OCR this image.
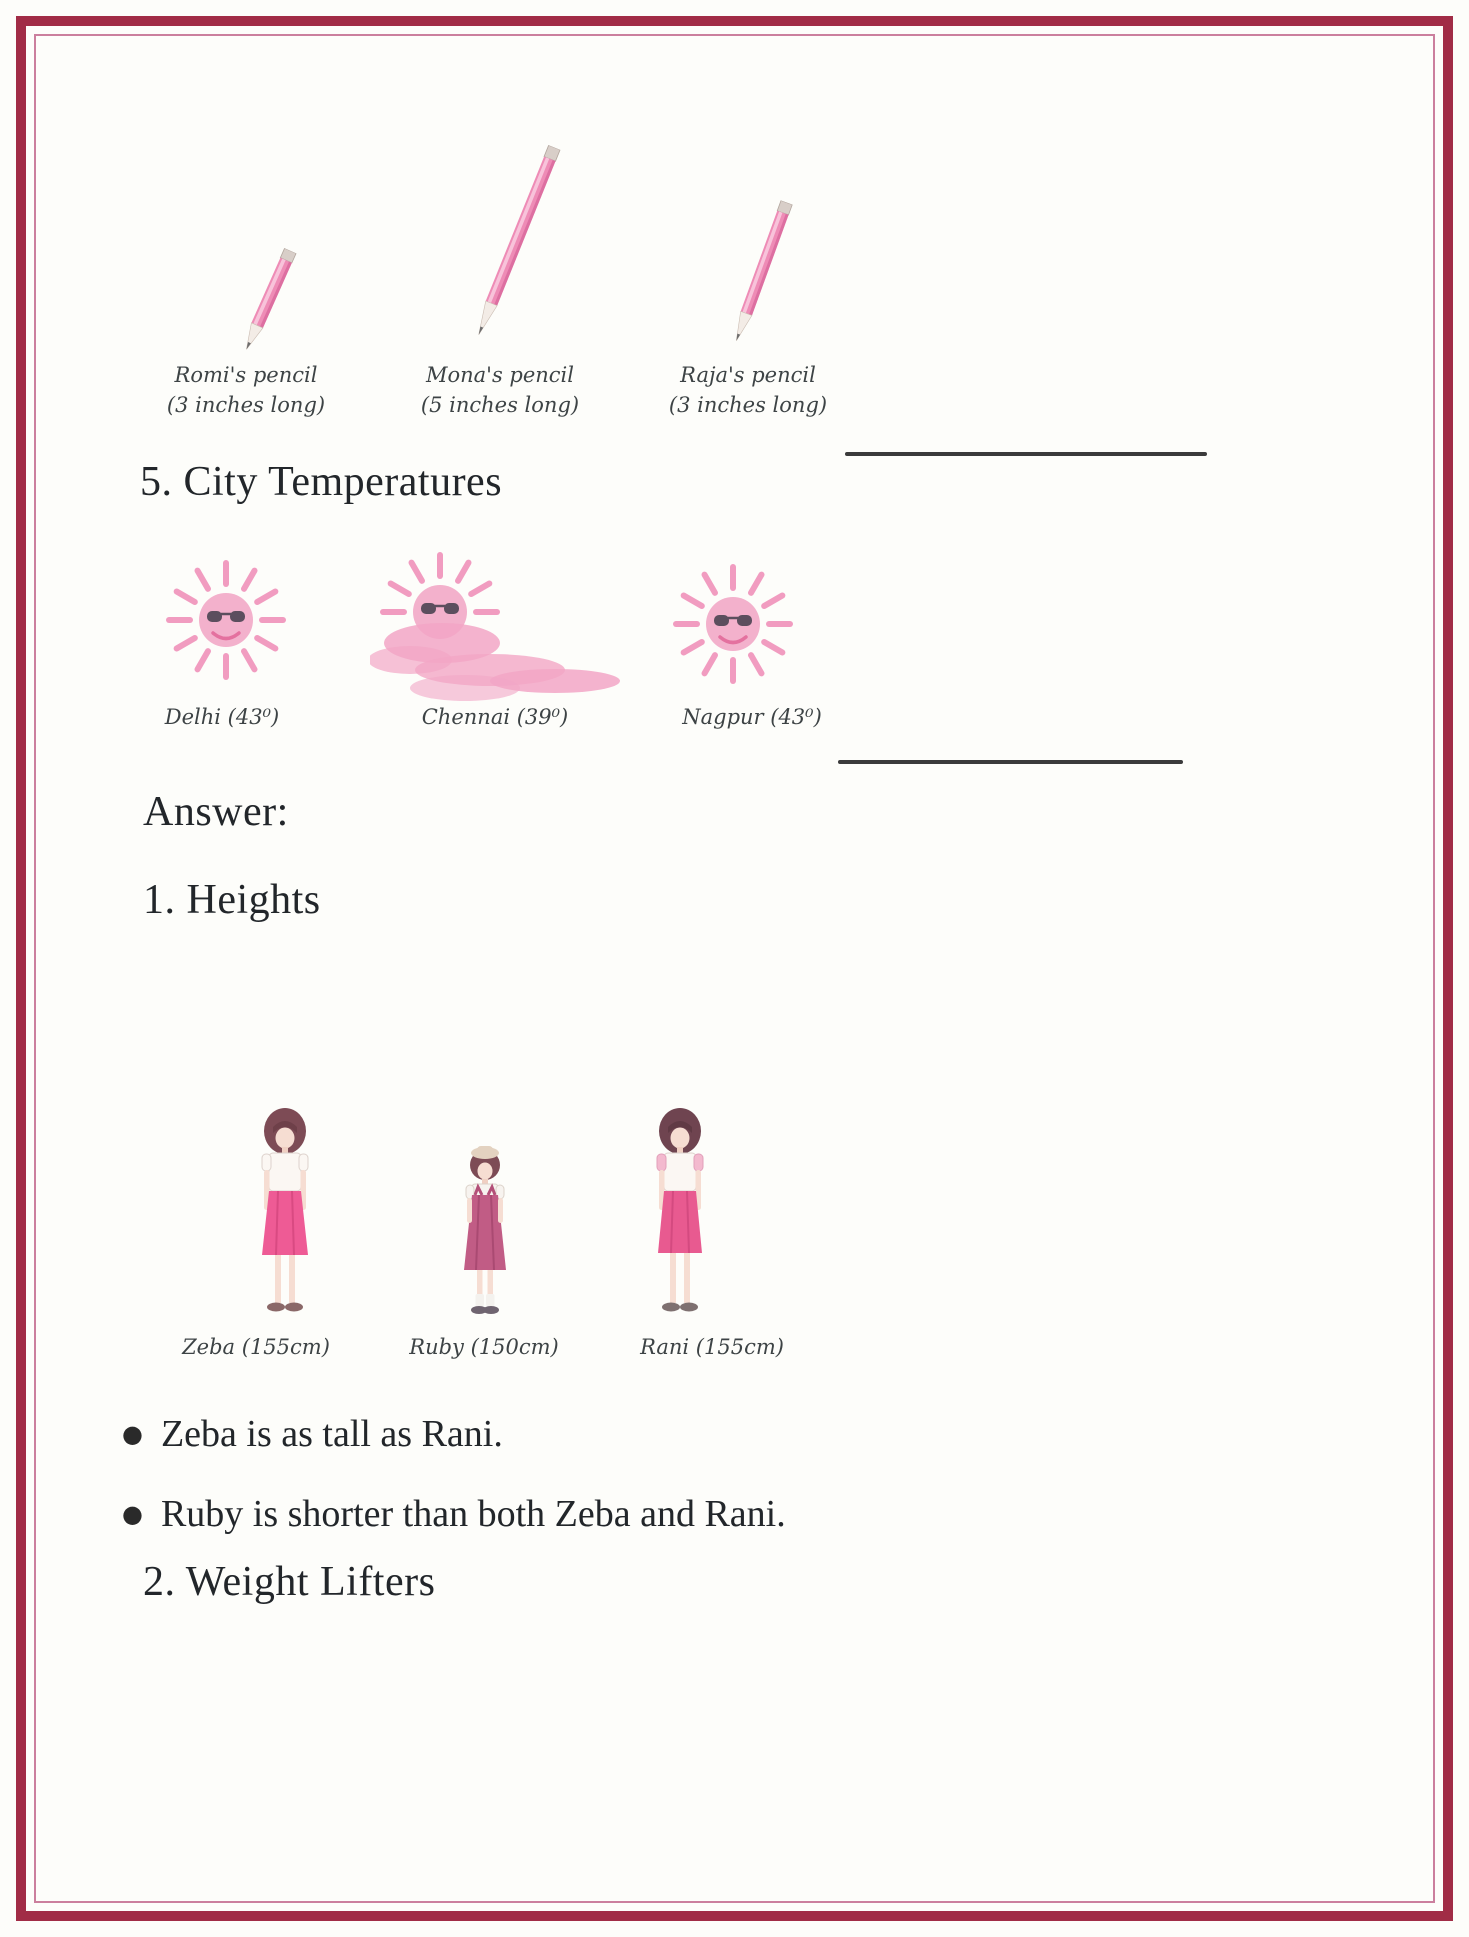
Romi's pencil
(3 inches long)
Mona's pencil
(5 inches long)
Raja's pencil
(3 inches long)
5. City Temperatures
Delhi (43⁰)	Chennai (39⁰)	Nagpur (43⁰)
Answer:
1. Heights
Zeba (155cm)	Ruby (150cm)	Rani (155cm)
● Zeba is as tall as Rani.
● Ruby is shorter than both Zeba and Rani.
2. Weight Lifters
